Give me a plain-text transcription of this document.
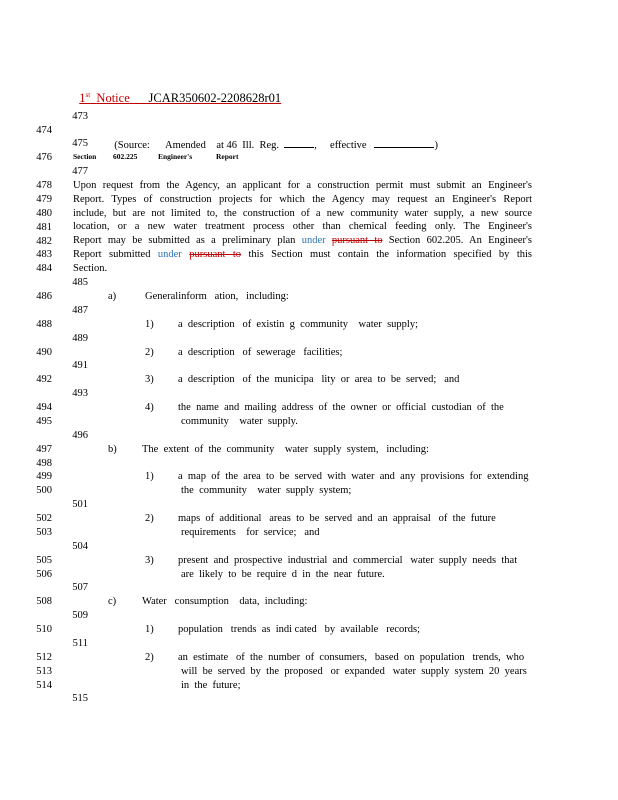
1st Notice JCAR350602-2208628r01

473
474
475
476
477
478
479
480
481
482
483
484
485
486
487
488
489
490
491
492
493
494
495
496
497
498
499
500
501
502
503
504
505
506
507
508
509
510
511
512
513
514
515

(Source: Amended at 46  Ill.  Reg.	, effective	)

Section 602.225	Engineer's	Report
Upon request from the Agency, an applicant for a construction permit must submit an Engineer's
Report. Types of construction projects for which the Agency may request an Engineer's Report
include, but are not limited to, the construction of a new community water supply, a new source
location, or a new water treatment process other than chemical feeding only. The Engineer's
Report may be submitted as a preliminary plan under pursuant to Section 602.205. An Engineer's
Report submitted under pursuant to this Section must contain the information specified by this
Section.
a)	Generalinform   ation,   including:
1) a  description   of  existin  g  community    water  supply;
2) a  description   of  sewerage   facilities;
3) a  description   of  the  municipa   lity  or  area  to  be  served;   and
4) the  name  and  mailing  address  of  the  owner  or  official  custodian  of  the
community    water  supply.
b) The  extent  of  the  community    water  supply  system,   including:
1) a  map  of  the  area  to  be  served  with  water  and  any  provisions  for  extending
the  community    water  supply  system;
2) maps  of  additional   areas  to  be  served  and  an  appraisal   of  the  future
requirements    for  service;   and
3) present  and  prospective  industrial  and  commercial   water  supply  needs  that
are  likely  to  be  require  d  in  the  near  future.
c) Water   consumption    data,  including:
1) population   trends  as  indi cated   by  available   records;
2) an  estimate   of  the  number  of  consumers,   based  on  population   trends,  who
will  be  served  by  the  proposed   or  expanded   water  supply  system  20  years
in  the  future;
